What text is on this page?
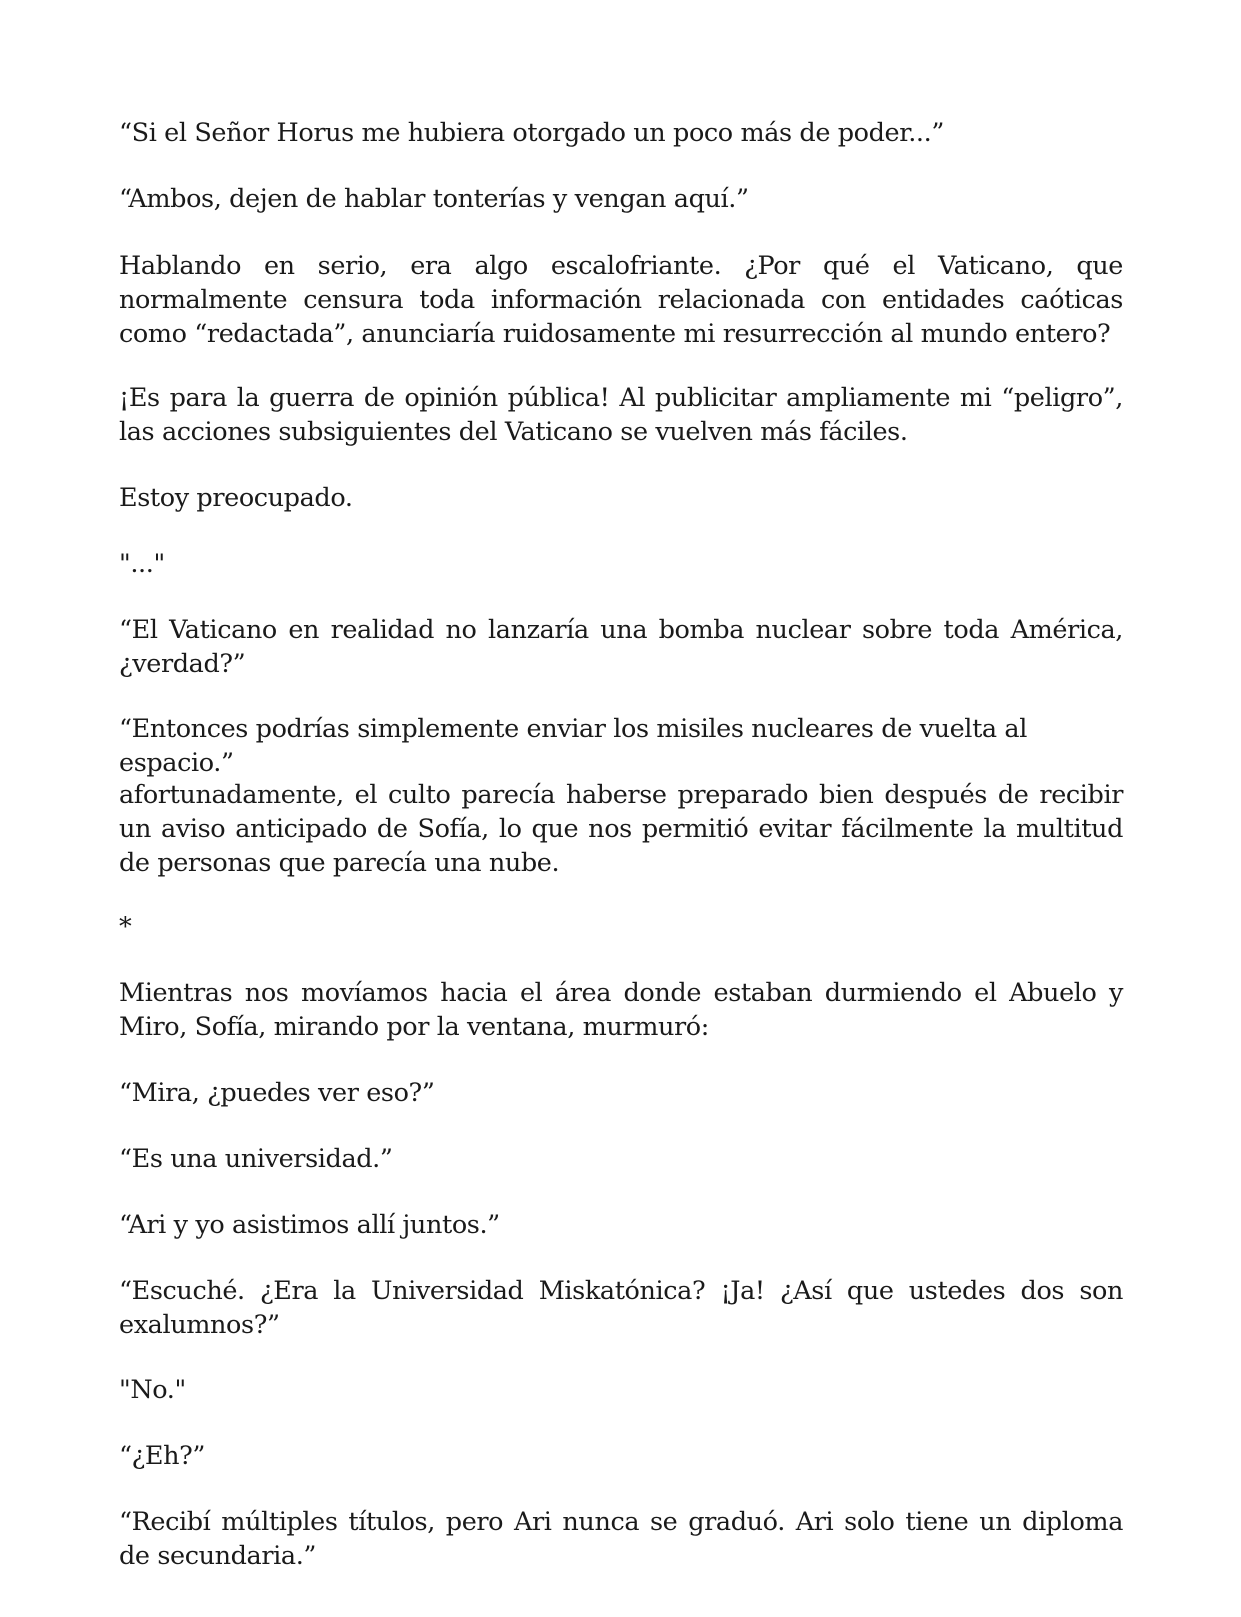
“Si el Señor Horus me hubiera otorgado un poco más de poder...”

“Ambos, dejen de hablar tonterías y vengan aquí.”

Hablando en serio, era algo escalofriante. ¿Por qué el Vaticano, que normalmente censura toda información relacionada con entidades caóticas como “redactada”, anunciaría ruidosamente mi resurrección al mundo entero?

¡Es para la guerra de opinión pública! Al publicitar ampliamente mi “peligro”, las acciones subsiguientes del Vaticano se vuelven más fáciles.

Estoy preocupado.

"..."

“El Vaticano en realidad no lanzaría una bomba nuclear sobre toda América, ¿verdad?”

“Entonces podrías simplemente enviar los misiles nucleares de vuelta al espacio.”

afortunadamente, el culto parecía haberse preparado bien después de recibir un aviso anticipado de Sofía, lo que nos permitió evitar fácilmente la multitud de personas que parecía una nube.

*

Mientras nos movíamos hacia el área donde estaban durmiendo el Abuelo y Miro, Sofía, mirando por la ventana, murmuró:

“Mira, ¿puedes ver eso?”

“Es una universidad.”

“Ari y yo asistimos allí juntos.”

“Escuché. ¿Era la Universidad Miskatónica? ¡Ja! ¿Así que ustedes dos son exalumnos?”

"No."

“¿Eh?”

“Recibí múltiples títulos, pero Ari nunca se graduó. Ari solo tiene un diploma de secundaria.”
